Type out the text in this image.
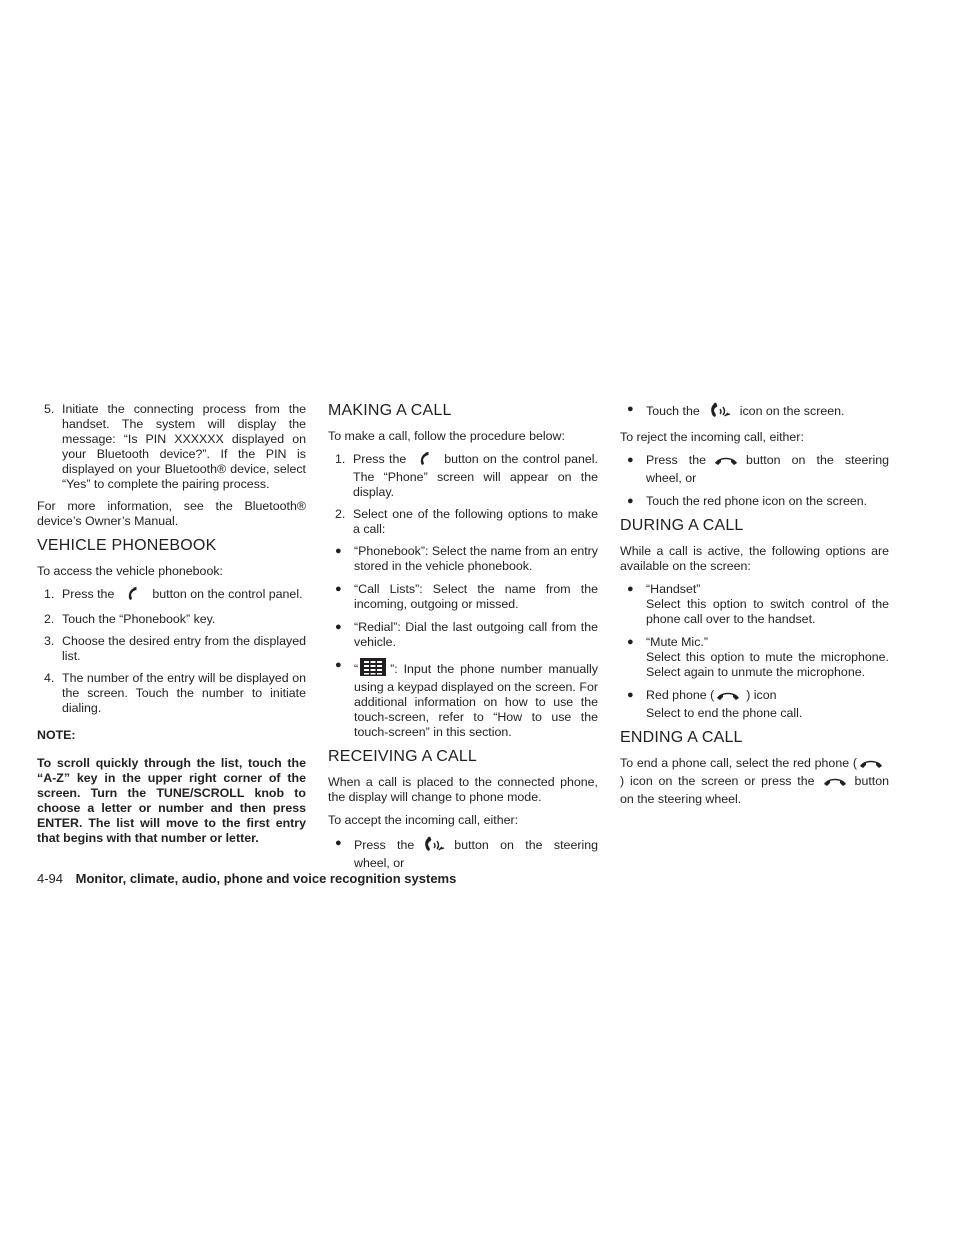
5. Initiate the connecting process from the handset. The system will display the message: “Is PIN XXXXXX displayed on your Bluetooth device?”. If the PIN is displayed on your Bluetooth® device, select “Yes” to complete the pairing process.

For more information, see the Bluetooth® device’s Owner’s Manual.

VEHICLE PHONEBOOK

To access the vehicle phonebook:

1. Press the	button on the control panel.
2. Touch the “Phonebook” key.
3. Choose the desired entry from the displayed list.
4. The number of the entry will be displayed on the screen. Touch the number to initiate dialing.
NOTE:
To scroll quickly through the list, touch the “A-Z” key in the upper right corner of the screen. Turn the TUNE/SCROLL knob to choose a letter or number and then press ENTER. The list will move to the first entry that begins with that number or letter.
MAKING A CALL

To make a call, follow the procedure below:

1. Press the	button on the control panel. The “Phone” screen will appear on the display.
2. Select one of the following options to make a call:
● “Phonebook”: Select the name from an entry stored in the vehicle phonebook.
● “Call Lists”: Select the name from the incoming, outgoing or missed.
● “Redial”: Dial the last outgoing call from the vehicle.
● “	”: Input the phone number manually using a keypad displayed on the screen. For additional information on how to use the touch-screen, refer to “How to use the touch-screen” in this section.
RECEIVING A CALL

When a call is placed to the connected phone, the display will change to phone mode.

To accept the incoming call, either:

● Press the	button on the steering wheel, or
● Touch the	icon on the screen.

To reject the incoming call, either:

● Press the	button on the steering wheel, or
● Touch the red phone icon on the screen.
DURING A CALL

While a call is active, the following options are available on the screen:

● “Handset”
Select this option to switch control of the phone call over to the handset.
● “Mute Mic.”
Select this option to mute the microphone. Select again to unmute the microphone.
● Red phone (	) icon
Select to end the phone call.
ENDING A CALL

To end a phone call, select the red phone () icon on the screen or press the	button on the steering wheel.

4-94 Monitor, climate, audio, phone and voice recognition systems
